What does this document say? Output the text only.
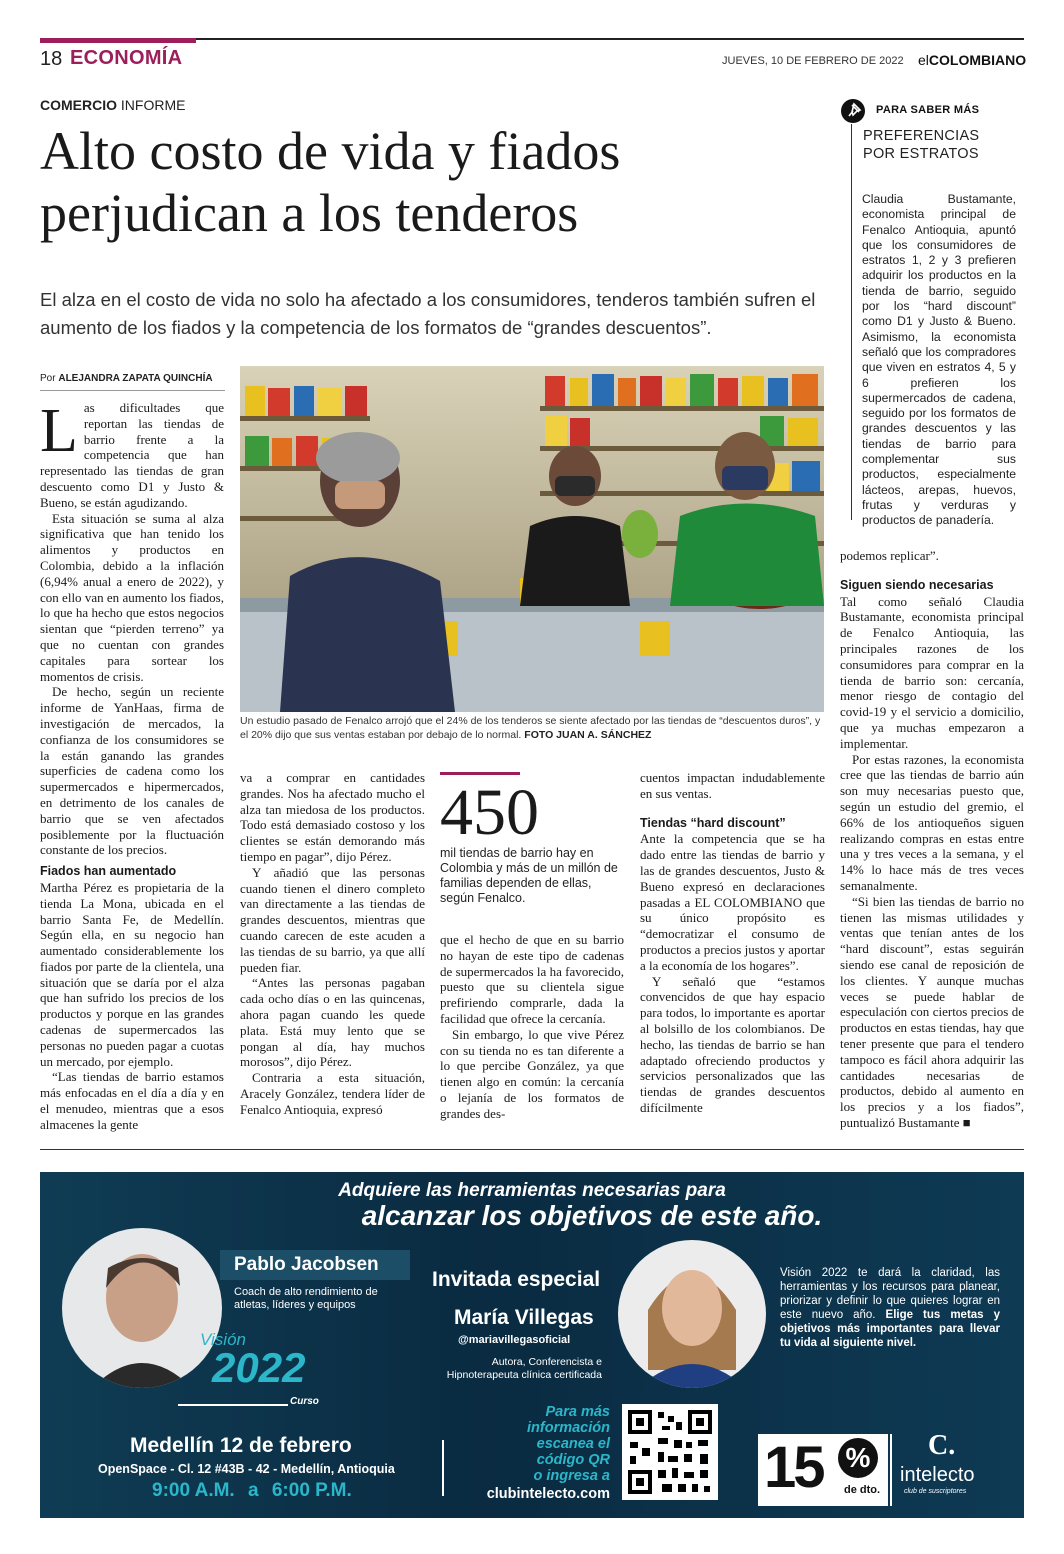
18 ECONOMÍA	JUEVES, 10 DE FEBRERO DE 2022 elCOLOMBIANO
COMERCIO INFORME
Alto costo de vida y fiados
perjudican a los tenderos

El alza en el costo de vida no solo ha afectado a los consumidores, tenderos también sufren el aumento de los fiados y la competencia de los formatos de “grandes descuentos”.

Por ALEJANDRA ZAPATA QUINCHÍA

Las dificultades que reportan las tiendas de barrio frente a la competencia que han representado las tiendas de gran descuento como D1 y Justo & Bueno, se están agudizando.

Esta situación se suma al alza significativa que han tenido los alimentos y productos en Colombia, debido a la inflación (6,94% anual a enero de 2022), y con ello van en aumento los fiados, lo que ha hecho que estos negocios sientan que “pierden terreno” ya que no cuentan con grandes capitales para sortear los momentos de crisis.

De hecho, según un reciente informe de YanHaas, firma de investigación de mercados, la confianza de los consumidores se la están ganando las grandes superficies de cadena como los supermercados e hipermercados, en detrimento de los canales de barrio que se ven afectados posiblemente por la fluctuación constante de los precios.

Fiados han aumentado

Martha Pérez es propietaria de la tienda La Mona, ubicada en el barrio Santa Fe, de Medellín. Según ella, en su negocio han aumentado considerablemente los fiados por parte de la clientela, una situación que se daría por el alza que han sufrido los precios de los productos y porque en las grandes cadenas de supermercados las personas no pueden pagar a cuotas un mercado, por ejemplo.

“Las tiendas de barrio estamos más enfocadas en el día a día y en el menudeo, mientras que a esos almacenes la gente

Un estudio pasado de Fenalco arrojó que el 24% de los tenderos se siente afectado por las tiendas de “descuentos duros”, y el 20% dijo que sus ventas estaban por debajo de lo normal. FOTO JUAN A. SÁNCHEZ

va a comprar en cantidades grandes. Nos ha afectado mucho el alza tan miedosa de los productos. Todo está demasiado costoso y los clientes se están demorando más tiempo en pagar”, dijo Pérez.

Y añadió que las personas cuando tienen el dinero completo van directamente a las tiendas de grandes descuentos, mientras que cuando carecen de este acuden a las tiendas de su barrio, ya que allí pueden fiar.

“Antes las personas pagaban cada ocho días o en las quincenas, ahora pagan cuando les quede plata. Está muy lento que se pongan al día, hay muchos morosos”, dijo Pérez.

Contraria a esta situación, Aracely González, tendera líder de Fenalco Antioquia, expresó

450
mil tiendas de barrio hay en Colombia y más de un millón de familias dependen de ellas, según Fenalco.

que el hecho de que en su barrio no hayan de este tipo de cadenas de supermercados la ha favorecido, puesto que su clientela sigue prefiriendo comprarle, dada la facilidad que ofrece la cercanía.

Sin embargo, lo que vive Pérez con su tienda no es tan diferente a lo que percibe González, ya que tienen algo en común: la cercanía o lejanía de los formatos de grandes des-

cuentos impactan indudablemente en sus ventas.

Tiendas “hard discount”

Ante la competencia que se ha dado entre las tiendas de barrio y las de grandes descuentos, Justo & Bueno expresó en declaraciones pasadas a EL COLOMBIANO que su único propósito es “democratizar el consumo de productos a precios justos y aportar a la economía de los hogares”.

Y señaló que “estamos convencidos de que hay espacio para todos, lo importante es aportar al bolsillo de los colombianos. De hecho, las tiendas de barrio se han adaptado ofreciendo productos y servicios personalizados que las tiendas de grandes descuentos difícilmente

podemos replicar”.

Siguen siendo necesarias

Tal como señaló Claudia Bustamante, economista principal de Fenalco Antioquia, las principales razones de los consumidores para comprar en la tienda de barrio son: cercanía, menor riesgo de contagio del covid-19 y el servicio a domicilio, que ya muchas empezaron a implementar.

Por estas razones, la economista cree que las tiendas de barrio aún son muy necesarias puesto que, según un estudio del gremio, el 66% de los antioqueños siguen realizando compras en estas entre una y tres veces a la semana, y el 14% lo hace más de tres veces semanalmente.

“Si bien las tiendas de barrio no tienen las mismas utilidades y ventas que tenían antes de los “hard discount”, estas seguirán siendo ese canal de reposición de los clientes. Y aunque muchas veces se puede hablar de especulación con ciertos precios de productos en estas tiendas, hay que tener presente que para el tendero tampoco es fácil ahora adquirir las cantidades necesarias de productos, debido al aumento en los precios y a los fiados”, puntualizó Bustamante ■

PARA SABER MÁS
PREFERENCIAS
POR ESTRATOS
Claudia Bustamante, economista principal de Fenalco Antioquia, apuntó que los consumidores de estratos 1, 2 y 3 prefieren adquirir los productos en la tienda de barrio, seguido por los “hard discount” como D1 y Justo & Bueno. Asimismo, la economista señaló que los compradores que viven en estratos 4, 5 y 6 prefieren los supermercados de cadena, seguido por los formatos de grandes descuentos y las tiendas de barrio para complementar sus productos, especialmente lácteos, arepas, huevos, frutas y verduras y productos de panadería.
Adquiere las herramientas necesarias para
alcanzar los objetivos de este año.
Pablo Jacobsen
Coach de alto rendimiento de atletas, líderes y equipos
Visión
2022
Curso
Invitada especial
María Villegas
@mariavillegasoficial
Autora, Conferencista e
Hipnoterapeuta clínica certificada
Visión 2022 te dará la claridad, las herramientas y los recursos para planear, priorizar y definir lo que quieres lograr en este nuevo año. Elige tus metas y objetivos más importantes para llevar tu vida al siguiente nivel.
Medellín 12 de febrero
OpenSpace - Cl. 12 #43B - 42 - Medellín, Antioquia
9:00 A.M. a 6:00 P.M.
Para más
información
escanea el
código QR
o ingresa a
clubintelecto.com	15 %
de dto.
C.
intelecto
club de suscriptores
